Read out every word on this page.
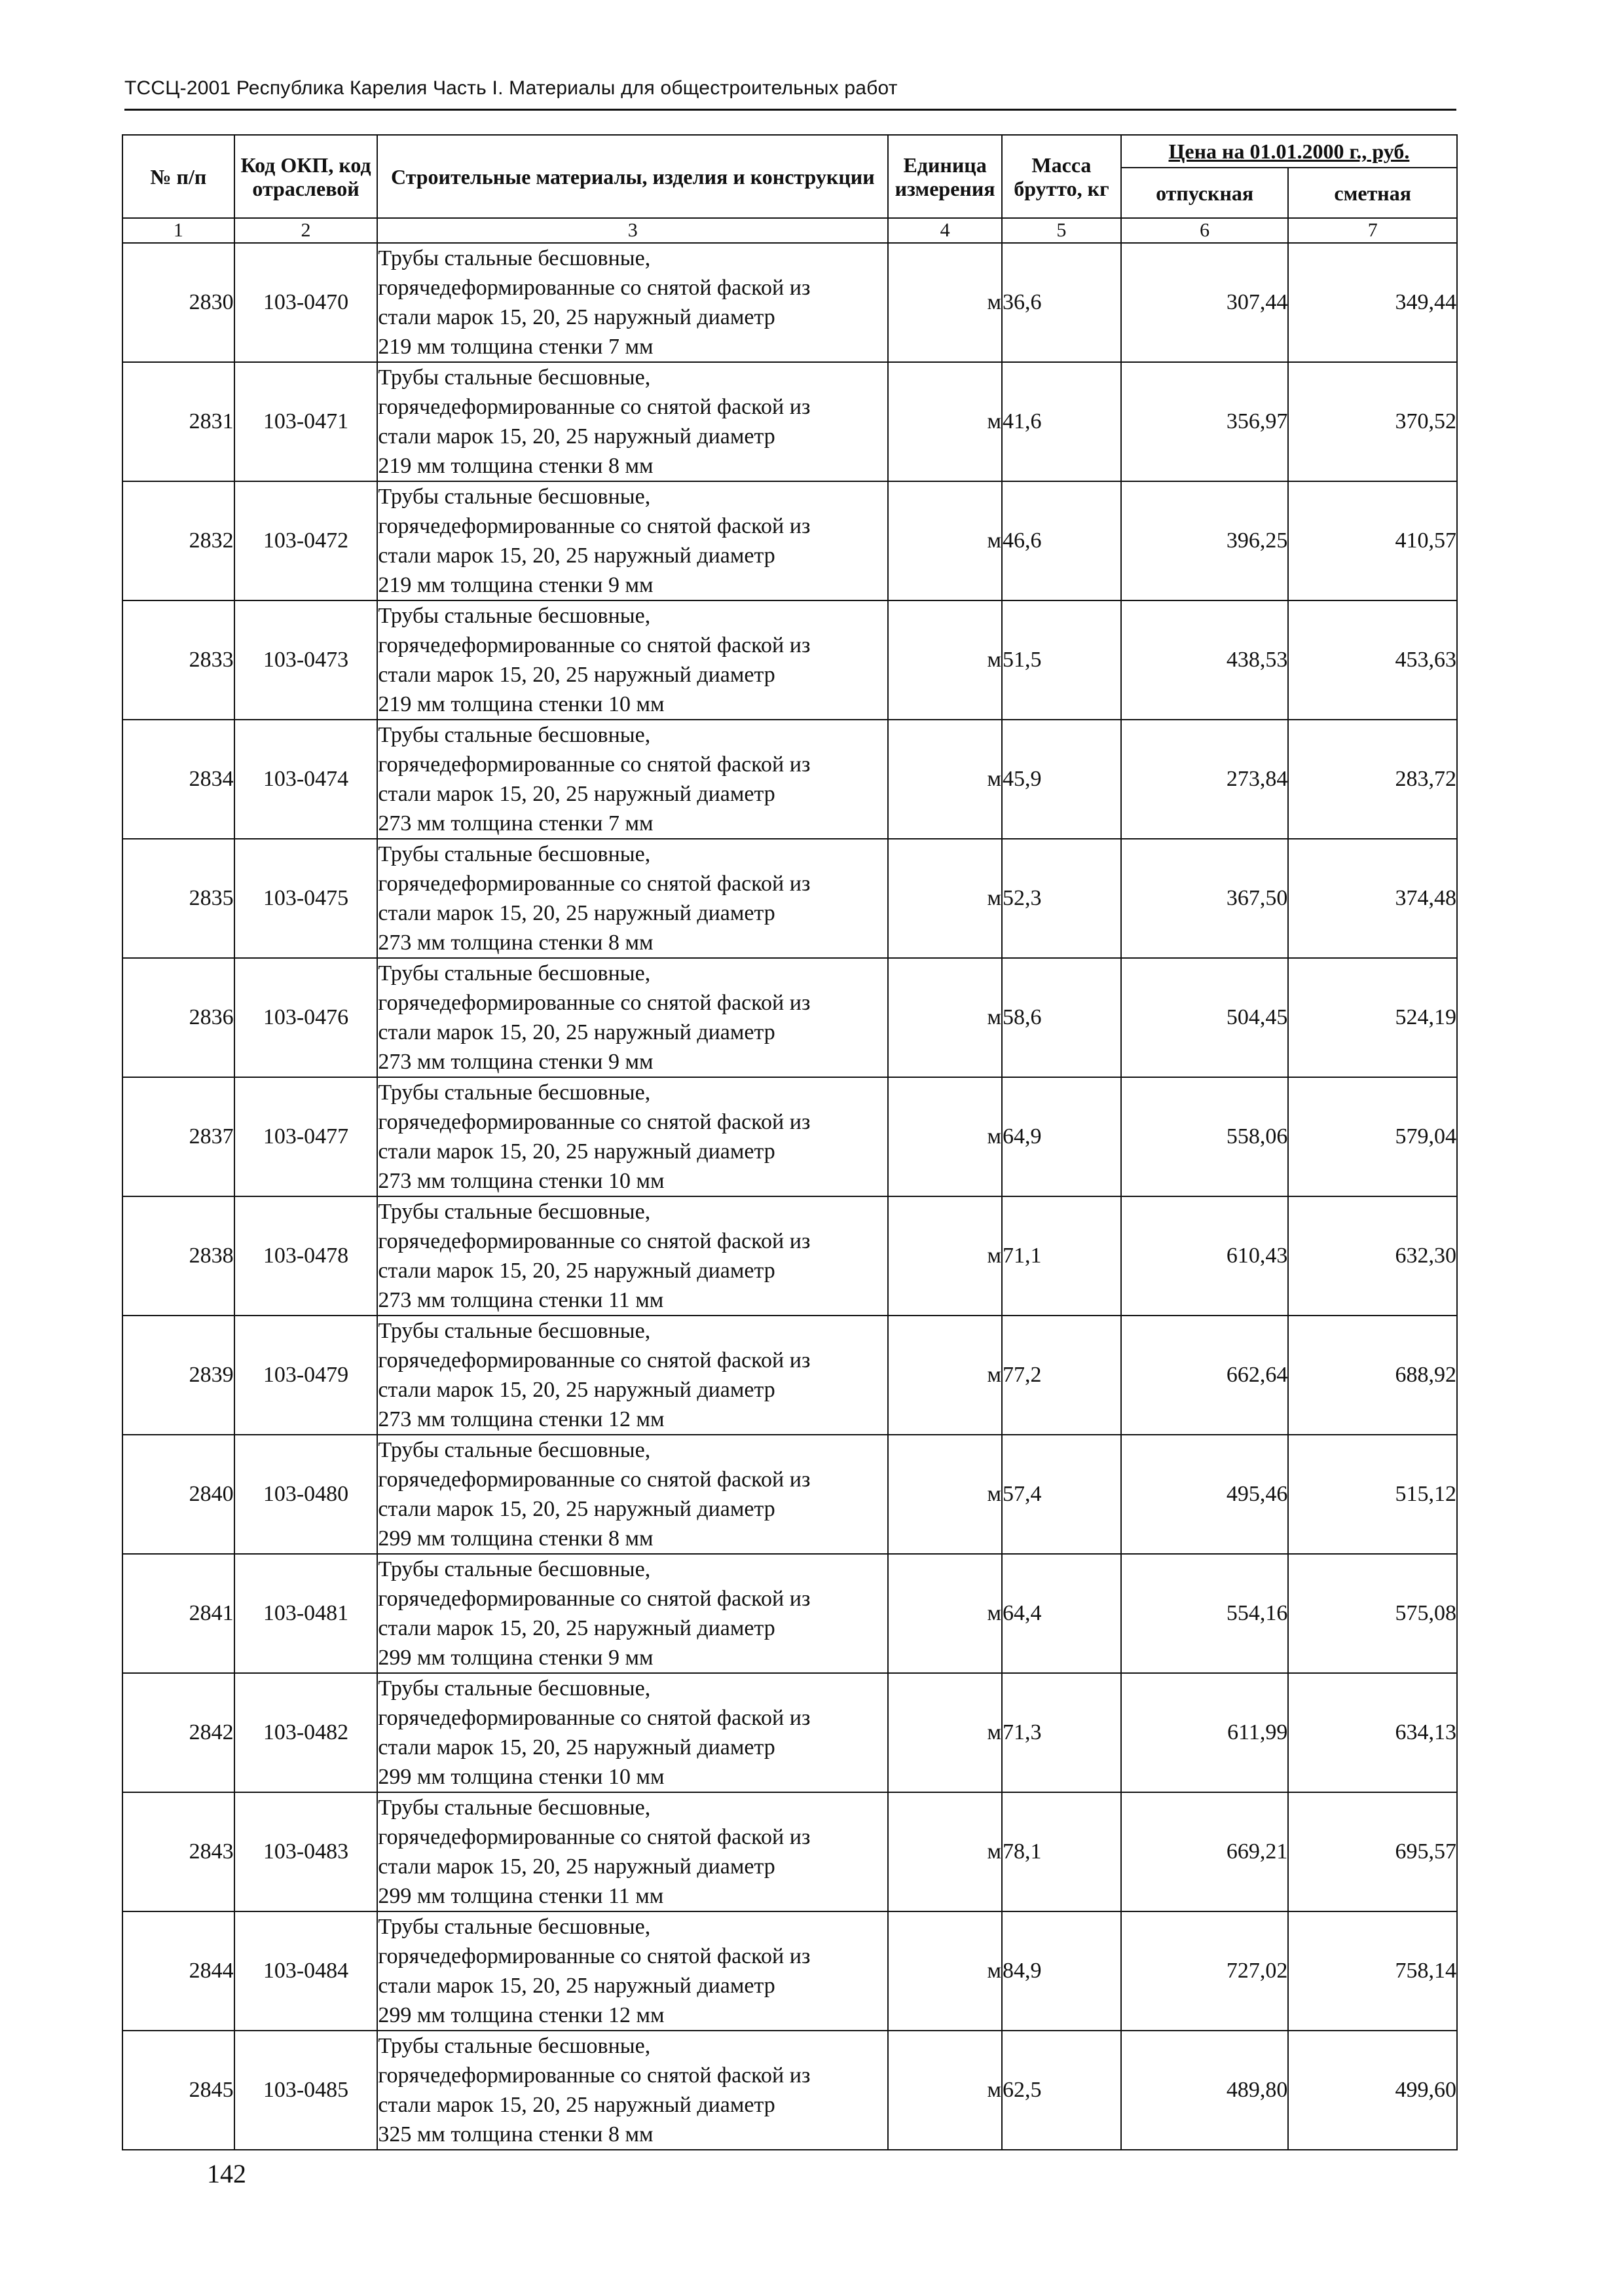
ТССЦ-2001 Республика Карелия Часть I. Материалы для общестроительных работ
№ п/п	Код ОКП, код отраслевой	Строительные материалы, изделия и конструкции	Единица измерения	Масса брутто, кг	Цена на 01.01.2000 г., руб.	
					отпускная	сметная
1	2	3	4	5	6	7
2830	103-0470	Трубы стальные бесшовные,
горячедеформированные со снятой фаской из
стали марок 15, 20, 25 наружный диаметр
219 мм толщина стенки 7 мм	м	36,6	307,44	349,44
2831	103-0471	Трубы стальные бесшовные,
горячедеформированные со снятой фаской из
стали марок 15, 20, 25 наружный диаметр
219 мм толщина стенки 8 мм	м	41,6	356,97	370,52
2832	103-0472	Трубы стальные бесшовные,
горячедеформированные со снятой фаской из
стали марок 15, 20, 25 наружный диаметр
219 мм толщина стенки 9 мм	м	46,6	396,25	410,57
2833	103-0473	Трубы стальные бесшовные,
горячедеформированные со снятой фаской из
стали марок 15, 20, 25 наружный диаметр
219 мм толщина стенки 10 мм	м	51,5	438,53	453,63
2834	103-0474	Трубы стальные бесшовные,
горячедеформированные со снятой фаской из
стали марок 15, 20, 25 наружный диаметр
273 мм толщина стенки 7 мм	м	45,9	273,84	283,72
2835	103-0475	Трубы стальные бесшовные,
горячедеформированные со снятой фаской из
стали марок 15, 20, 25 наружный диаметр
273 мм толщина стенки 8 мм	м	52,3	367,50	374,48
2836	103-0476	Трубы стальные бесшовные,
горячедеформированные со снятой фаской из
стали марок 15, 20, 25 наружный диаметр
273 мм толщина стенки 9 мм	м	58,6	504,45	524,19
2837	103-0477	Трубы стальные бесшовные,
горячедеформированные со снятой фаской из
стали марок 15, 20, 25 наружный диаметр
273 мм толщина стенки 10 мм	м	64,9	558,06	579,04
2838	103-0478	Трубы стальные бесшовные,
горячедеформированные со снятой фаской из
стали марок 15, 20, 25 наружный диаметр
273 мм толщина стенки 11 мм	м	71,1	610,43	632,30
2839	103-0479	Трубы стальные бесшовные,
горячедеформированные со снятой фаской из
стали марок 15, 20, 25 наружный диаметр
273 мм толщина стенки 12 мм	м	77,2	662,64	688,92
2840	103-0480	Трубы стальные бесшовные,
горячедеформированные со снятой фаской из
стали марок 15, 20, 25 наружный диаметр
299 мм толщина стенки 8 мм	м	57,4	495,46	515,12
2841	103-0481	Трубы стальные бесшовные,
горячедеформированные со снятой фаской из
стали марок 15, 20, 25 наружный диаметр
299 мм толщина стенки 9 мм	м	64,4	554,16	575,08
2842	103-0482	Трубы стальные бесшовные,
горячедеформированные со снятой фаской из
стали марок 15, 20, 25 наружный диаметр
299 мм толщина стенки 10 мм	м	71,3	611,99	634,13
2843	103-0483	Трубы стальные бесшовные,
горячедеформированные со снятой фаской из
стали марок 15, 20, 25 наружный диаметр
299 мм толщина стенки 11 мм	м	78,1	669,21	695,57
2844	103-0484	Трубы стальные бесшовные,
горячедеформированные со снятой фаской из
стали марок 15, 20, 25 наружный диаметр
299 мм толщина стенки 12 мм	м	84,9	727,02	758,14
2845	103-0485	Трубы стальные бесшовные,
горячедеформированные со снятой фаской из
стали марок 15, 20, 25 наружный диаметр
325 мм толщина стенки 8 мм	м	62,5	489,80	499,60
142
